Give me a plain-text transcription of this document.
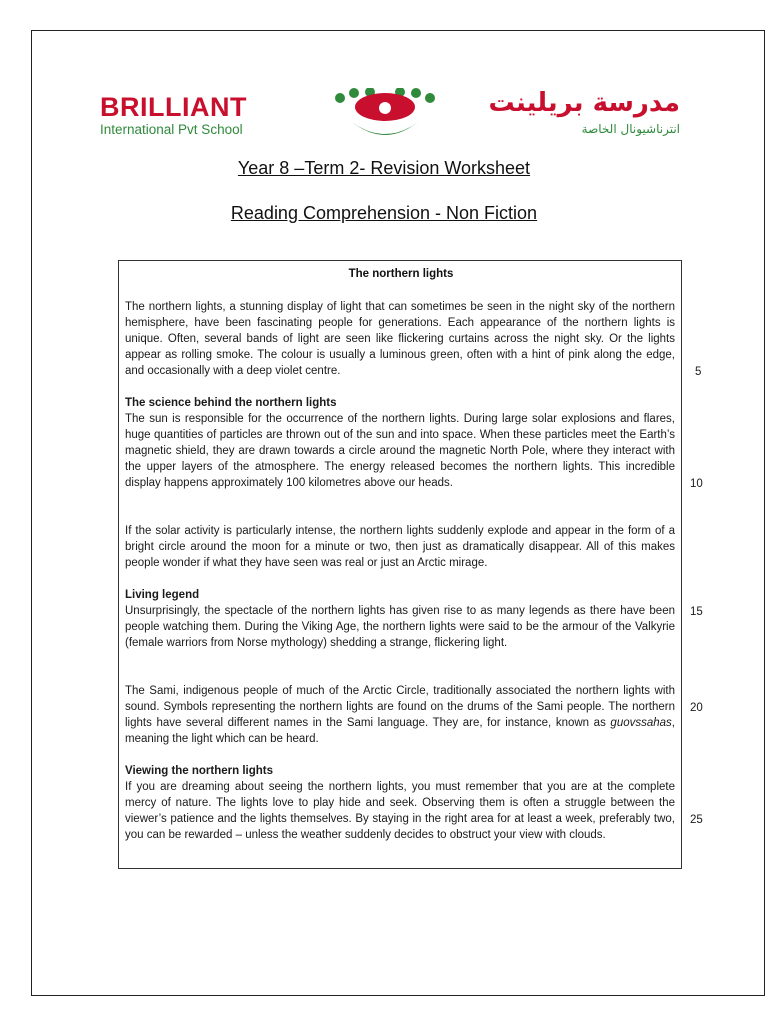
BRILLIANT
International Pvt School
مدرسة بريلينت
انترناشيونال الخاصة
Year 8 –Term 2- Revision Worksheet
Reading Comprehension - Non Fiction
The northern lights

The northern lights, a stunning display of light that can sometimes be seen in the night sky of the northern hemisphere, have been fascinating people for generations. Each appearance of the northern lights is unique. Often, several bands of light are seen like flickering curtains across the night sky. Or the lights appear as rolling smoke. The colour is usually a luminous green, often with a hint of pink along the edge, and occasionally with a deep violet centre.

The science behind the northern lights
The sun is responsible for the occurrence of the northern lights. During large solar explosions and flares, huge quantities of particles are thrown out of the sun and into space. When these particles meet the Earth’s magnetic shield, they are drawn towards a circle around the magnetic North Pole, where they interact with the upper layers of the atmosphere. The energy released becomes the northern lights. This incredible display happens approximately 100 kilometres above our heads.

If the solar activity is particularly intense, the northern lights suddenly explode and appear in the form of a bright circle around the moon for a minute or two, then just as dramatically disappear. All of this makes people wonder if what they have seen was real or just an Arctic mirage.

Living legend
Unsurprisingly, the spectacle of the northern lights has given rise to as many legends as there have been people watching them. During the Viking Age, the northern lights were said to be the armour of the Valkyrie (female warriors from Norse mythology) shedding a strange, flickering light.

The Sami, indigenous people of much of the Arctic Circle, traditionally associated the northern lights with sound. Symbols representing the northern lights are found on the drums of the Sami people. The northern lights have several different names in the Sami language. They are, for instance, known as guovssahas, meaning the light which can be heard.

Viewing the northern lights
If you are dreaming about seeing the northern lights, you must remember that you are at the complete mercy of nature. The lights love to play hide and seek. Observing them is often a struggle between the viewer’s patience and the lights themselves. By staying in the right area for at least a week, preferably two, you can be rewarded – unless the weather suddenly decides to obstruct your view with clouds.

5
10
15
20
25
